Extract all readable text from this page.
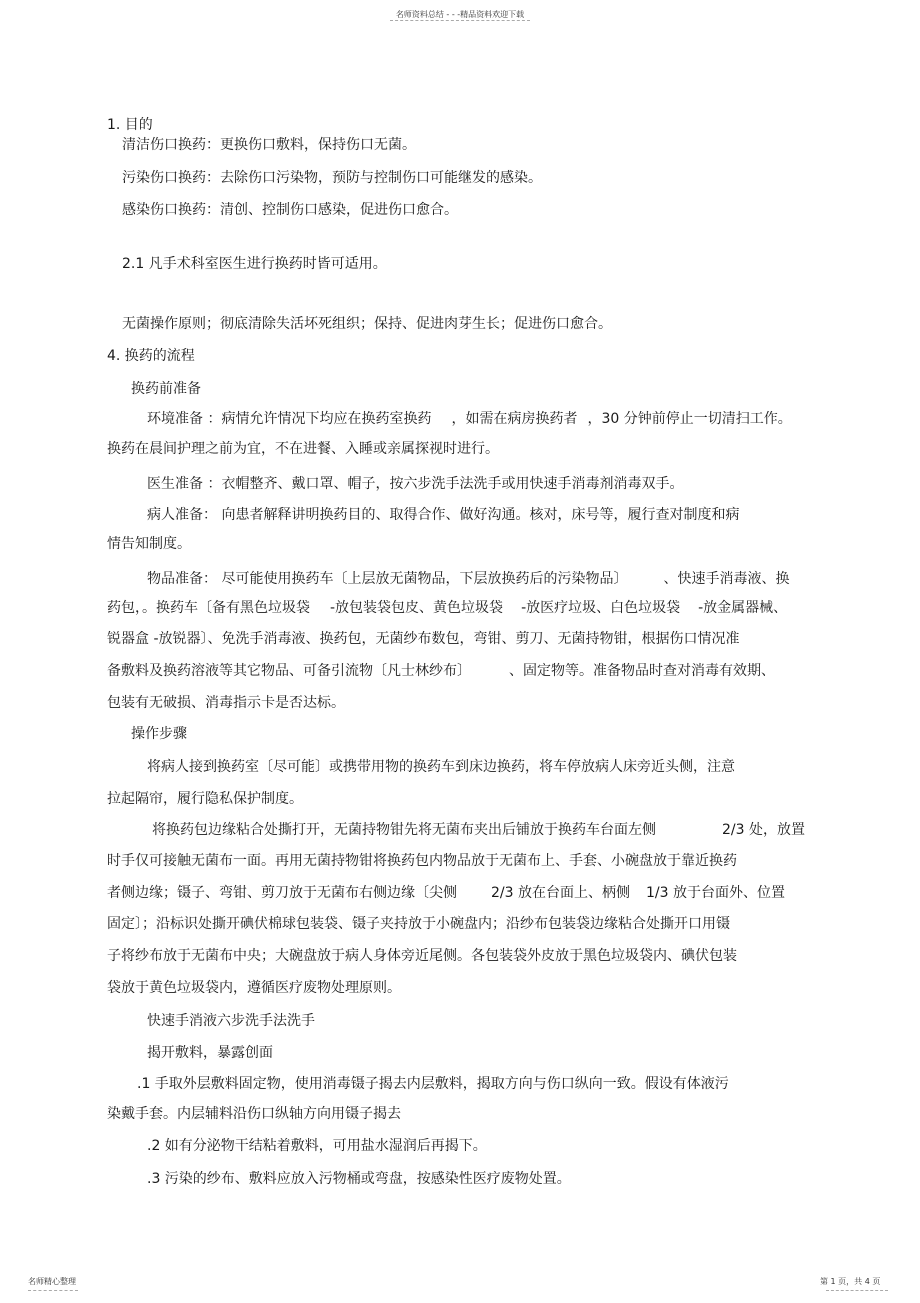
名师资料总结 - - -精品资料欢迎下载
1. 目的
清洁伤口换药：更换伤口敷料，保持伤口无菌。
污染伤口换药：去除伤口污染物，预防与控制伤口可能继发的感染。
感染伤口换药：清创、控制伤口感染，促进伤口愈合。
2.1 凡手术科室医生进行换药时皆可适用。
无菌操作原则；彻底清除失活坏死组织；保持、促进肉芽生长；促进伤口愈合。
4. 换药的流程
换药前准备
环境准备 ：病情允许情况下均应在换药室换药 ，如需在病房换药者 ，30 分钟前停止一切清扫工作。
换药在晨间护理之前为宜，不在进餐、入睡或亲属探视时进行。
医生准备 ：衣帽整齐、戴口罩、帽子，按六步洗手法洗手或用快速手消毒剂消毒双手。
病人准备： 向患者解释讲明换药目的、取得合作、做好沟通。核对，床号等，履行查对制度和病
情告知制度。
物品准备： 尽可能使用换药车〔上层放无菌物品，下层放换药后的污染物品〕	、快速手消毒液、换
药包，。换药车〔备有黑色垃圾袋 -放包装袋包皮、黄色垃圾袋 -放医疗垃圾、白色垃圾袋 -放金属器械、
锐器盒 -放锐器〕、免洗手消毒液、换药包，无菌纱布数包，弯钳、剪刀、无菌持物钳，根据伤口情况准
备敷料及换药溶液等其它物品、可备引流物〔凡士林纱布〕	、固定物等。准备物品时查对消毒有效期、
包装有无破损、消毒指示卡是否达标。
操作步骤
将病人接到换药室〔尽可能〕或携带用物的换药车到床边换药，将车停放病人床旁近头侧，注意
拉起隔帘，履行隐私保护制度。
将换药包边缘粘合处撕打开，无菌持物钳先将无菌布夹出后铺放于换药车台面左侧	2/3 处，放置
时手仅可接触无菌布一面。再用无菌持物钳将换药包内物品放于无菌布上、手套、小碗盘放于靠近换药
者侧边缘；镊子、弯钳、剪刀放于无菌布右侧边缘〔尖侧 2/3 放在台面上、柄侧 1/3 放于台面外、位置
固定〕；沿标识处撕开碘伏棉球包装袋、镊子夹持放于小碗盘内；沿纱布包装袋边缘粘合处撕开口用镊
子将纱布放于无菌布中央；大碗盘放于病人身体旁近尾侧。各包装袋外皮放于黑色垃圾袋内、碘伏包装
袋放于黄色垃圾袋内，遵循医疗废物处理原则。
快速手消液六步洗手法洗手
揭开敷料，暴露创面
.1 手取外层敷料固定物，使用消毒镊子揭去内层敷料，揭取方向与伤口纵向一致。假设有体液污
染戴手套。内层辅料沿伤口纵轴方向用镊子揭去
.2 如有分泌物干结粘着敷料，可用盐水湿润后再揭下。
.3 污染的纱布、敷料应放入污物桶或弯盘，按感染性医疗废物处置。
名师精心整理	第 1 页，共 4 页
